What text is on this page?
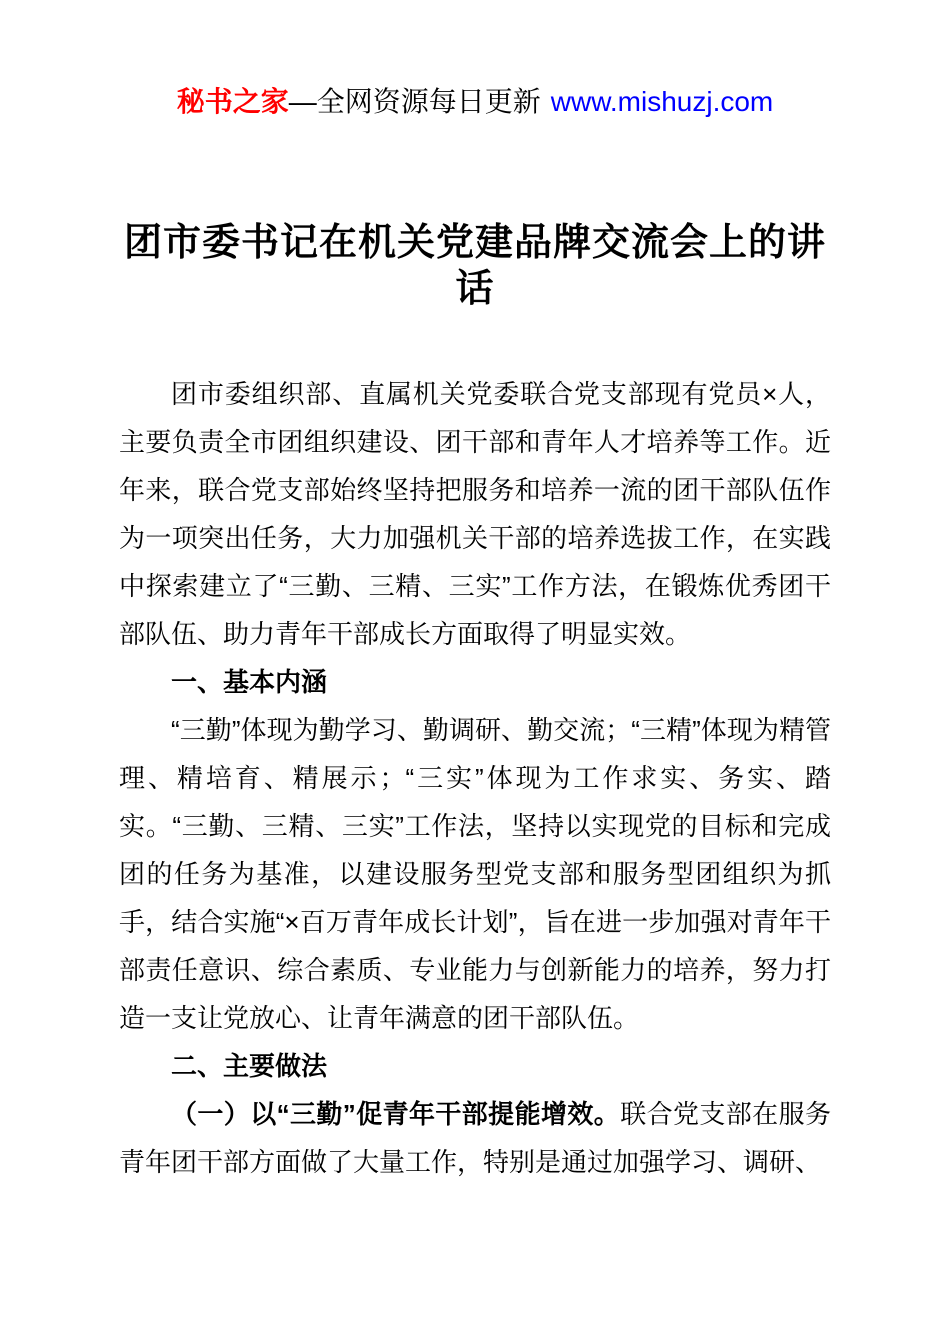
秘书之家—全网资源每日更新 www.mishuzj.com
团市委书记在机关党建品牌交流会上的讲话

团市委组织部、直属机关党委联合党支部现有党员×人，主要负责全市团组织建设、团干部和青年人才培养等工作。近年来，联合党支部始终坚持把服务和培养一流的团干部队伍作为一项突出任务，大力加强机关干部的培养选拔工作，在实践中探索建立了“三勤、三精、三实”工作方法，在锻炼优秀团干部队伍、助力青年干部成长方面取得了明显实效。

一、基本内涵

“三勤”体现为勤学习、勤调研、勤交流；“三精”体现为精管理、精培育、精展示；“三实”体现为工作求实、务实、踏实。“三勤、三精、三实”工作法，坚持以实现党的目标和完成团的任务为基准，以建设服务型党支部和服务型团组织为抓手，结合实施“×百万青年成长计划”，旨在进一步加强对青年干部责任意识、综合素质、专业能力与创新能力的培养，努力打造一支让党放心、让青年满意的团干部队伍。

二、主要做法

（一）以“三勤”促青年干部提能增效。联合党支部在服务青年团干部方面做了大量工作，特别是通过加强学习、调研、
